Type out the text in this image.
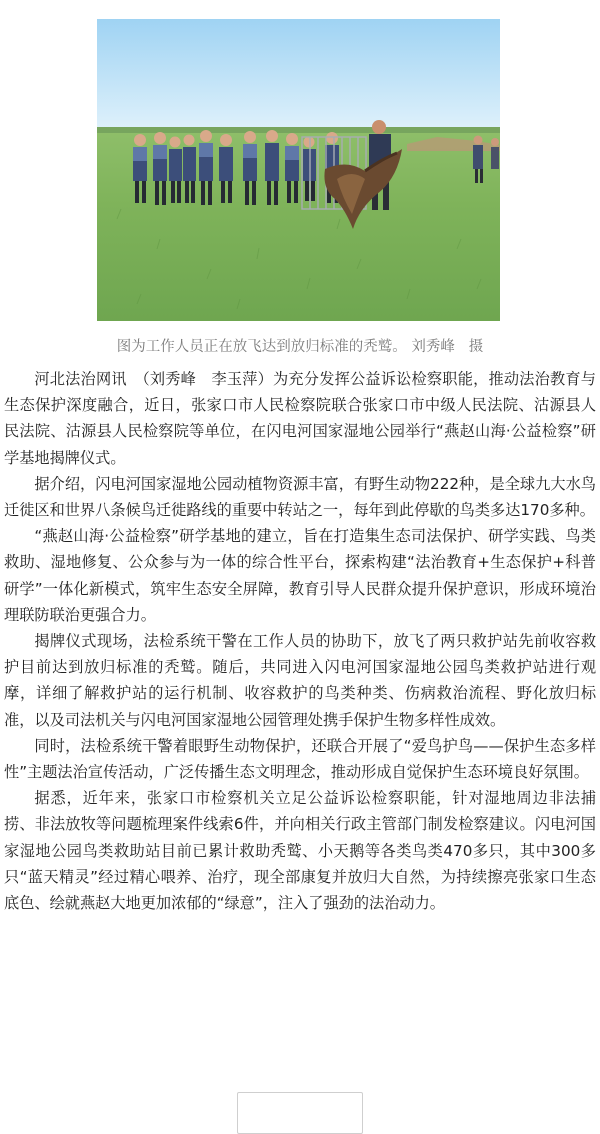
图为工作人员正在放飞达到放归标准的秃鹫。 刘秀峰   摄

河北法治网讯　（刘秀峰　李玉萍）为充分发挥公益诉讼检察职能，推动法治教育与生态保护深度融合，近日，张家口市人民检察院联合张家口市中级人民法院、沽源县人民法院、沽源县人民检察院等单位，在闪电河国家湿地公园举行“燕赵山海·公益检察”研学基地揭牌仪式。

据介绍，闪电河国家湿地公园动植物资源丰富，有野生动物222种，是全球九大水鸟迁徙区和世界八条候鸟迁徙路线的重要中转站之一，每年到此停歇的鸟类多达170多种。

“燕赵山海·公益检察”研学基地的建立，旨在打造集生态司法保护、研学实践、鸟类救助、湿地修复、公众参与为一体的综合性平台，探索构建“法治教育+生态保护+科普研学”一体化新模式，筑牢生态安全屏障，教育引导人民群众提升保护意识，形成环境治理联防联治更强合力。

揭牌仪式现场，法检系统干警在工作人员的协助下，放飞了两只救护站先前收容救护目前达到放归标准的秃鹫。随后，共同进入闪电河国家湿地公园鸟类救护站进行观摩，详细了解救护站的运行机制、收容救护的鸟类种类、伤病救治流程、野化放归标准，以及司法机关与闪电河国家湿地公园管理处携手保护生物多样性成效。

同时，法检系统干警着眼野生动物保护，还联合开展了“爱鸟护鸟——保护生态多样性”主题法治宣传活动，广泛传播生态文明理念，推动形成自觉保护生态环境良好氛围。

据悉，近年来，张家口市检察机关立足公益诉讼检察职能，针对湿地周边非法捕捞、非法放牧等问题梳理案件线索6件，并向相关行政主管部门制发检察建议。闪电河国家湿地公园鸟类救助站目前已累计救助秃鹫、小天鹅等各类鸟类470多只，其中300多只“蓝天精灵”经过精心喂养、治疗，现全部康复并放归大自然，为持续擦亮张家口生态底色、绘就燕赵大地更加浓郁的“绿意”，注入了强劲的法治动力。
